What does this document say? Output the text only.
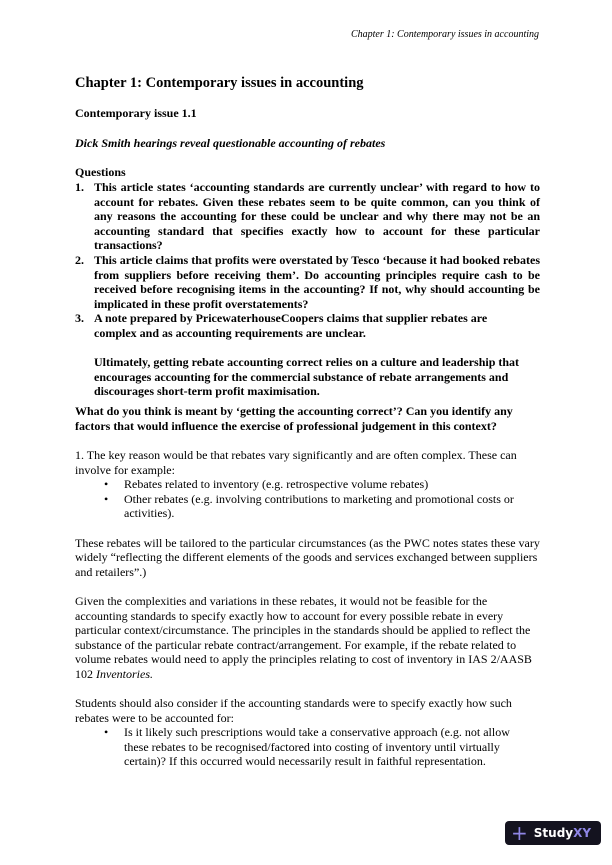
Chapter 1: Contemporary issues in accounting
Chapter 1: Contemporary issues in accounting
Contemporary issue 1.1
Dick Smith hearings reveal questionable accounting of rebates
Questions
1. This article states ‘accounting standards are currently unclear’ with regard to how to account for rebates. Given these rebates seem to be quite common, can you think of any reasons the accounting for these could be unclear and why there may not be an accounting standard that specifies exactly how to account for these particular transactions?
2. This article claims that profits were overstated by Tesco ‘because it had booked rebates from suppliers before receiving them’. Do accounting principles require cash to be received before recognising items in the accounting? If not, why should accounting be implicated in these profit overstatements?
3. A note prepared by PricewaterhouseCoopers claims that supplier rebates are complex and as accounting requirements are unclear.
Ultimately, getting rebate accounting correct relies on a culture and leadership that encourages accounting for the commercial substance of rebate arrangements and discourages short-term profit maximisation.
What do you think is meant by ‘getting the accounting correct’? Can you identify any factors that would influence the exercise of professional judgement in this context?

1. The key reason would be that rebates vary significantly and are often complex. These can involve for example:

• Rebates related to inventory (e.g. retrospective volume rebates)
• Other rebates (e.g. involving contributions to marketing and promotional costs or activities).

These rebates will be tailored to the particular circumstances (as the PWC notes states these vary widely “reflecting the different elements of the goods and services exchanged between suppliers and retailers”.)

Given the complexities and variations in these rebates, it would not be feasible for the accounting standards to specify exactly how to account for every possible rebate in every particular context/circumstance. The principles in the standards should be applied to reflect the substance of the particular rebate contract/arrangement. For example, if the rebate related to volume rebates would need to apply the principles relating to cost of inventory in IAS 2/AASB 102 Inventories.

Students should also consider if the accounting standards were to specify exactly how such rebates were to be accounted for:

• Is it likely such prescriptions would take a conservative approach (e.g. not allow these rebates to be recognised/factored into costing of inventory until virtually certain)? If this occurred would necessarily result in faithful representation.
+ Study XY
